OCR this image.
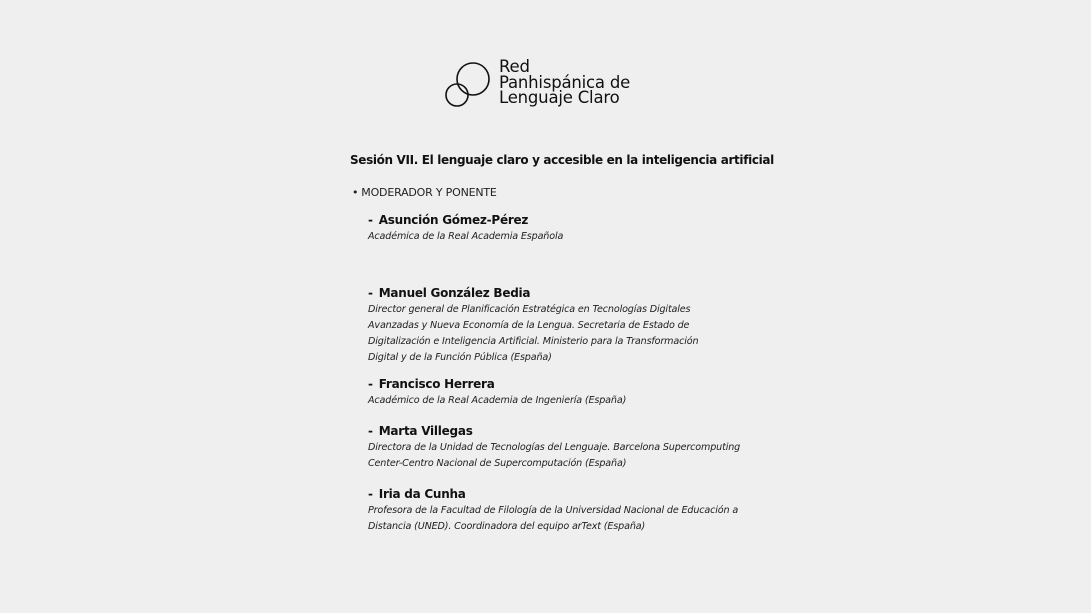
Red
Panhispánica de
Lenguaje Claro
Sesión VII. El lenguaje claro y accesible en la inteligencia artificial
• MODERADOR Y PONENTE
- Asunción Gómez-Pérez
Académica de la Real Academia Española
- Manuel González Bedia
Director general de Planificación Estratégica en Tecnologías Digitales Avanzadas y Nueva Economía de la Lengua. Secretaria de Estado de Digitalización e Inteligencia Artificial. Ministerio para la Transformación Digital y de la Función Pública (España)
- Francisco Herrera
Académico de la Real Academia de Ingeniería (España)
- Marta Villegas
Directora de la Unidad de Tecnologías del Lenguaje. Barcelona Supercomputing Center-Centro Nacional de Supercomputación (España)
- Iria da Cunha
Profesora de la Facultad de Filología de la Universidad Nacional de Educación a Distancia (UNED). Coordinadora del equipo arText (España)
